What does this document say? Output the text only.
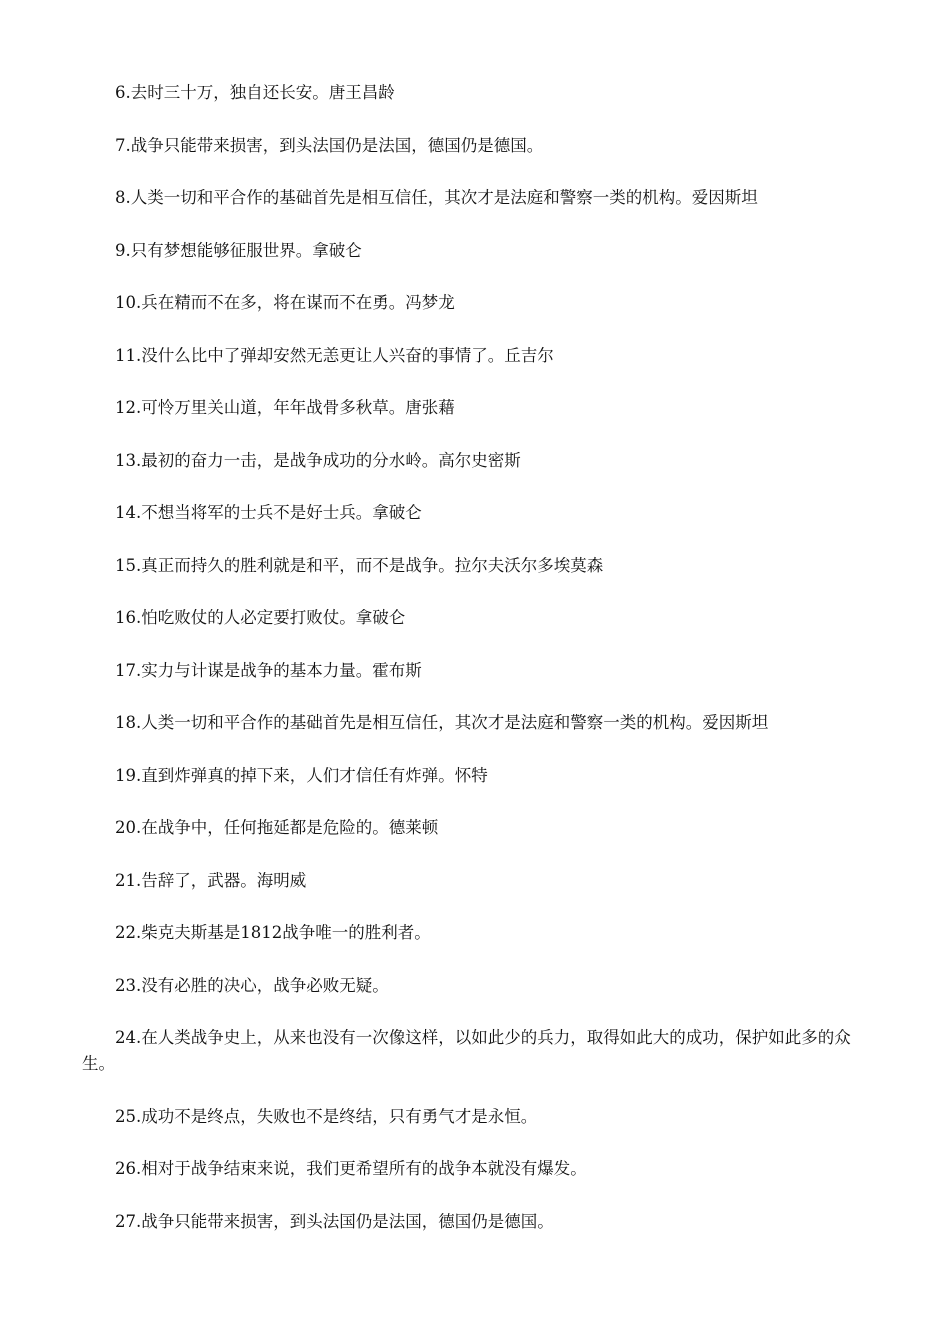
6.去时三十万，独自还长安。唐王昌龄
7.战争只能带来损害，到头法国仍是法国，德国仍是德国。
8.人类一切和平合作的基础首先是相互信任，其次才是法庭和警察一类的机构。爱因斯坦
9.只有梦想能够征服世界。拿破仑
10.兵在精而不在多，将在谋而不在勇。冯梦龙
11.没什么比中了弹却安然无恙更让人兴奋的事情了。丘吉尔
12.可怜万里关山道，年年战骨多秋草。唐张藉
13.最初的奋力一击，是战争成功的分水岭。高尔史密斯
14.不想当将军的士兵不是好士兵。拿破仑
15.真正而持久的胜利就是和平，而不是战争。拉尔夫沃尔多埃莫森
16.怕吃败仗的人必定要打败仗。拿破仑
17.实力与计谋是战争的基本力量。霍布斯
18.人类一切和平合作的基础首先是相互信任，其次才是法庭和警察一类的机构。爱因斯坦
19.直到炸弹真的掉下来，人们才信任有炸弹。怀特
20.在战争中，任何拖延都是危险的。德莱顿
21.告辞了，武器。海明威
22.柴克夫斯基是1812战争唯一的胜利者。
23.没有必胜的决心，战争必败无疑。
24.在人类战争史上，从来也没有一次像这样，以如此少的兵力，取得如此大的成功，保护如此多的众生。
25.成功不是终点，失败也不是终结，只有勇气才是永恒。
26.相对于战争结束来说，我们更希望所有的战争本就没有爆发。
27.战争只能带来损害，到头法国仍是法国，德国仍是德国。
